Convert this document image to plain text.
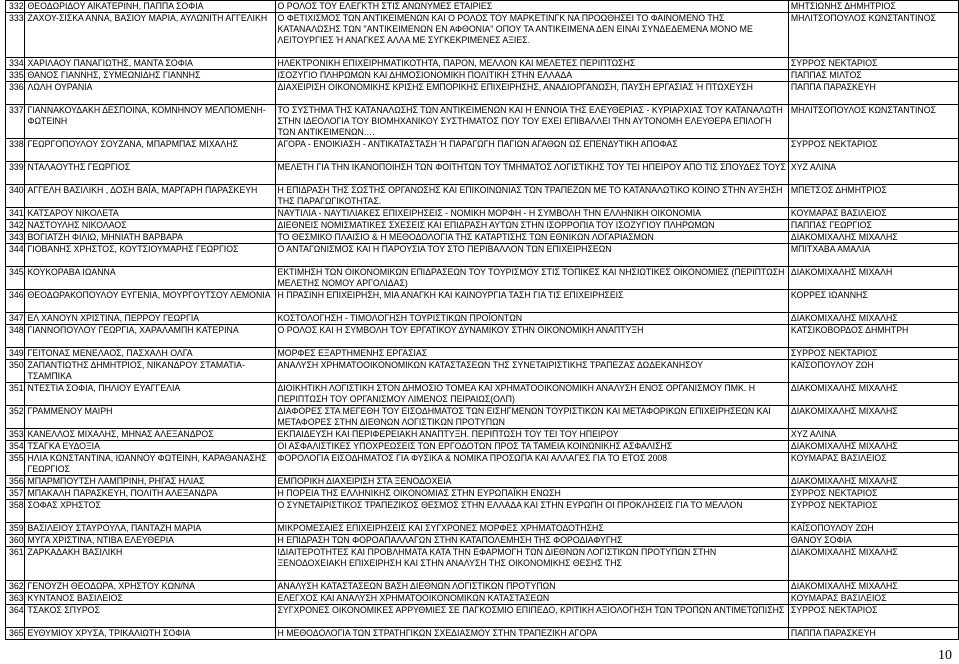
332	ΘΕΟΔΩΡΙΔΟΥ ΑΙΚΑΤΕΡΙΝΗ, ΠΑΠΠΑ ΣΟΦΙΑ	Ο ΡΟΛΟΣ ΤΟΥ ΕΛΕΓΚΤΗ ΣΤΙΣ ΑΝΩΝΥΜΕΣ ΕΤΑΙΡΙΕΣ	ΜΗΤΣΙΩΝΗΣ ΔΗΜΗΤΡΙΟΣ
333	ΖΑΧΟΥ-ΣΙΣΚΑ ΑΝΝΑ, ΒΑΣΙΟΥ ΜΑΡΙΑ, ΑΥΛΩΝΙΤΗ ΑΓΓΕΛΙΚΗ	Ο ΦΕΤΙΧΙΣΜΟΣ ΤΩΝ ΑΝΤΙΚΕΙΜΕΝΩΝ ΚΑΙ Ο ΡΟΛΟΣ ΤΟΥ ΜΑΡΚΕΤΙΝΓΚ ΝΑ ΠΡΟΩΘΗΣΕΙ ΤΟ ΦΑΙΝΟΜΕΝΟ ΤΗΣ ΚΑΤΑΝΑΛΩΣΗΣ ΤΩΝ "ΑΝΤΙΚΕΙΜΕΝΩΝ ΕΝ ΑΦΘΟΝΙΑ" ΟΠΟΥ ΤΑ ΑΝΤΙΚΕΙΜΕΝΑ ΔΕΝ ΕΙΝΑΙ ΣΥΝΔΕΔΕΜΕΝΑ ΜΟΝΟ ΜΕ ΛΕΙΤΟΥΡΓΙΕΣ Ή ΑΝΑΓΚΕΣ ΑΛΛΑ ΜΕ ΣΥΓΚΕΚΡΙΜΕΝΕΣ ΑΞΙΕΣ.	ΜΗΛΙΤΣΟΠΟΥΛΟΣ ΚΩΝΣΤΑΝΤΙΝΟΣ
334	ΧΑΡΙΛΑΟΥ ΠΑΝΑΓΙΩΤΗΣ, ΜΑΝΤΑ ΣΟΦΙΑ	ΗΛΕΚΤΡΟΝΙΚΗ ΕΠΙΧΕΙΡΗΜΑΤΙΚΟΤΗΤΑ, ΠΑΡΟΝ, ΜΕΛΛΟΝ ΚΑΙ ΜΕΛΕΤΕΣ ΠΕΡΙΠΤΩΣΗΣ	ΣΥΡΡΟΣ ΝΕΚΤΑΡΙΟΣ
335	ΘΑΝΟΣ ΓΙΑΝΝΗΣ, ΣΥΜΕΩΝΙΔΗΣ ΓΙΑΝΝΗΣ	ΙΣΟΖΥΓΙΟ ΠΛΗΡΩΜΩΝ ΚΑΙ ΔΗΜΟΣΙΟΝΟΜΙΚΗ ΠΟΛΙΤΙΚΗ ΣΤΗΝ ΕΛΛΑΔΑ	ΠΑΠΠΑΣ ΜΙΛΤΟΣ
336	ΛΩΛΗ ΟΥΡΑΝΙΑ	ΔΙΑΧΕΙΡΙΣΗ ΟΙΚΟΝΟΜΙΚΗΣ ΚΡΙΣΗΣ ΕΜΠΟΡΙΚΗΣ ΕΠΙΧΕΙΡΗΣΗΣ, ΑΝΑΔΙΟΡΓΑΝΩΣΗ, ΠΑΥΣΗ ΕΡΓΑΣΙΑΣ Ή ΠΤΩΧΕΥΣΗ	ΠΑΠΠΑ ΠΑΡΑΣΚΕΥΗ
337	ΓΙΑΝΝΑΚΟΥΔΑΚΗ ΔΕΣΠΟΙΝΑ, ΚΟΜΝΗΝΟΥ ΜΕΛΠΟΜΕΝΗ- ΦΩΤΕΙΝΗ	ΤΟ ΣΥΣΤΗΜΑ ΤΗΣ ΚΑΤΑΝΑΛΩΣΗΣ ΤΩΝ ΑΝΤΙΚΕΙΜΕΝΩΝ ΚΑΙ Η ΕΝΝΟΙΑ ΤΗΣ ΕΛΕΥΘΕΡΙΑΣ - ΚΥΡΙΑΡΧΙΑΣ ΤΟΥ ΚΑΤΑΝΑΛΩΤΗ ΣΤΗΝ ΙΔΕΟΛΟΓΙΑ ΤΟΥ ΒΙΟΜΗΧΑΝΙΚΟΥ ΣΥΣΤΗΜΑΤΟΣ ΠΟΥ ΤΟΥ ΕΧΕΙ ΕΠΙΒΑΛΛΕΙ ΤΗΝ ΑΥΤΟΝΟΜΗ ΕΛΕΥΘΕΡΑ ΕΠΙΛΟΓΗ ΤΩΝ ΑΝΤΙΚΕΙΜΕΝΩΝ.…	ΜΗΛΙΤΣΟΠΟΥΛΟΣ ΚΩΝΣΤΑΝΤΙΝΟΣ
338	ΓΕΩΡΓΟΠΟΥΛΟΥ ΣΟΥΖΑΝΑ, ΜΠΑΡΜΠΑΣ ΜΙΧΑΛΗΣ	ΑΓΟΡΑ - ΕΝΟΙΚΙΑΣΗ - ΑΝΤΙΚΑΤΑΣΤΑΣΗ Ή ΠΑΡΑΓΩΓΗ ΠΑΓΙΩΝ ΑΓΑΘΩΝ ΩΣ ΕΠΕΝΔΥΤΙΚΗ ΑΠΟΦΑΣ	ΣΥΡΡΟΣ ΝΕΚΤΑΡΙΟΣ
339	ΝΤΑΛΑΟΥΤΗΣ ΓΕΩΡΓΙΟΣ	ΜΕΛΕΤΗ ΓΙΑ ΤΗΝ ΙΚΑΝΟΠΟΙΗΣΗ ΤΩΝ ΦΟΙΤΗΤΩΝ ΤΟΥ ΤΜΗΜΑΤΟΣ ΛΟΓΙΣΤΙΚΗΣ ΤΟΥ ΤΕΙ ΗΠΕΙΡΟΥ ΑΠΟ ΤΙΣ ΣΠΟΥΔΕΣ ΤΟΥΣ	ΧΥΖ ΑΛΙΝΑ
340	ΑΓΓΕΛΗ ΒΑΣΙΛΙΚΗ , ΔΟΣΗ ΒΑΪΑ, ΜΑΡΓΑΡΗ ΠΑΡΑΣΚΕΥΗ	Η ΕΠΙΔΡΑΣΗ ΤΗΣ ΣΩΣΤΗΣ ΟΡΓΑΝΩΣΗΣ ΚΑΙ ΕΠΙΚΟΙΝΩΝΙΑΣ ΤΩΝ ΤΡΑΠΕΖΩΝ ΜΕ ΤΟ ΚΑΤΑΝΑΛΩΤΙΚΟ ΚΟΙΝΟ ΣΤΗΝ ΑΥΞΗΣΗ ΤΗΣ ΠΑΡΑΓΩΓΙΚΟΤΗΤΑΣ.	ΜΠΕΤΣΟΣ ΔΗΜΗΤΡΙΟΣ
341	ΚΑΤΣΑΡΟΥ ΝΙΚΟΛΕΤΑ	ΝΑΥΤΙΛΙΑ - ΝΑΥΤΙΛΙΑΚΕΣ ΕΠΙΧΕΙΡΗΣΕΙΣ - ΝΟΜΙΚΗ ΜΟΡΦΗ - Η ΣΥΜΒΟΛΗ ΤΗΝ ΕΛΛΗΝΙΚΗ ΟΙΚΟΝΟΜΙΑ	ΚΟΥΜΑΡΑΣ ΒΑΣΙΛΕΙΟΣ
342	ΝΑΣΤΟΥΛΗΣ ΝΙΚΟΛΑΟΣ	ΔΙΕΘΝΕΙΣ ΝΟΜΙΣΜΑΤΙΚΕΣ ΣΧΕΣΕΙΣ ΚΑΙ ΕΠΙΔΡΑΣΗ ΑΥΤΩΝ ΣΤΗΝ ΙΣΟΡΡΟΠΙΑ ΤΟΥ ΙΣΟΖΥΓΙΟΥ ΠΛΗΡΩΜΩΝ	ΠΑΠΠΑΣ ΓΕΩΡΓΙΟΣ
343	ΒΟΓΙΑΤΖΗ ΦΙΛΙΩ, ΜΗΝΙΑΤΗ ΒΑΡΒΑΡΑ	ΤΟ ΘΕΣΜΙΚΟ ΠΛΑΙΣΙΟ & Η ΜΕΘΟΔΟΛΟΓΙΑ ΤΗΣ ΚΑΤΑΡΤΙΣΗΣ ΤΩΝ ΕΘΝΙΚΩΝ ΛΟΓΑΡΙΑΣΜΩΝ	ΔΙΑΚΟΜΙΧΑΛΗΣ ΜΙΧΑΛΗΣ
344	ΓΙΟΒΑΝΗΣ ΧΡΗΣΤΟΣ, ΚΟΥΤΣΙΟΥΜΑΡΗΣ ΓΕΩΡΓΙΟΣ	Ο ΑΝΤΑΓΩΝΙΣΜΟΣ ΚΑΙ Η ΠΑΡΟΥΣΙΑ ΤΟΥ ΣΤΟ ΠΕΡΙΒΑΛΛΟΝ ΤΩΝ ΕΠΙΧΕΙΡΗΣΕΩΝ	ΜΠΙΤΧΑΒΑ ΑΜΑΛΙΑ
345	ΚΟΥΚΟΡΑΒΑ ΙΩΑΝΝΑ	ΕΚΤΙΜΗΣΗ ΤΩΝ ΟΙΚΟΝΟΜΙΚΩΝ ΕΠΙΔΡΑΣΕΩΝ ΤΟΥ ΤΟΥΡΙΣΜΟΥ ΣΤΙΣ ΤΟΠΙΚΕΣ ΚΑΙ ΝΗΣΙΩΤΙΚΕΣ ΟΙΚΟΝΟΜΙΕΣ (ΠΕΡΙΠΤΩΣΗ ΜΕΛΕΤΗΣ ΝΟΜΟΥ ΑΡΓΟΛΙΔΑΣ)	ΔΙΑΚΟΜΙΧΑΛΗΣ ΜΙΧΑΛΗ
346	ΘΕΟΔΩΡΑΚΟΠΟΥΛΟΥ ΕΥΓΕΝΙΑ, ΜΟΥΡΓΟΥΤΣΟΥ ΛΕΜΟΝΙΑ	Η ΠΡΑΣΙΝΗ ΕΠΙΧΕΙΡΗΣΗ, ΜΙΑ ΑΝΑΓΚΗ ΚΑΙ ΚΑΙΝΟΥΡΓΙΑ ΤΑΣΗ ΓΙΑ ΤΙΣ ΕΠΙΧΕΙΡΗΣΕΙΣ	ΚΟΡΡΕΣ ΙΩΑΝΝΗΣ
347	ΕΛ ΧΑΝΟΥΝ ΧΡΙΣΤΙΝΑ, ΠΕΡΡΟΥ ΓΕΩΡΓΙΑ	ΚΟΣΤΟΛΟΓΗΣΗ - ΤΙΜΟΛΟΓΗΣΗ ΤΟΥΡΙΣΤΙΚΩΝ ΠΡΟΪΟΝΤΩΝ	ΔΙΑΚΟΜΙΧΑΛΗΣ ΜΙΧΑΛΗΣ
348	ΓΙΑΝΝΟΠΟΥΛΟΥ ΓΕΩΡΓΙΑ, ΧΑΡΑΛΑΜΠΗ ΚΑΤΕΡΙΝΑ	Ο ΡΟΛΟΣ ΚΑΙ Η ΣΥΜΒΟΛΗ ΤΟΥ ΕΡΓΑΤΙΚΟΥ ΔΥΝΑΜΙΚΟΥ ΣΤΗΝ ΟΙΚΟΝΟΜΙΚΗ ΑΝΑΠΤΥΞΗ	ΚΑΤΣΙΚΟΒΟΡΔΟΣ ΔΗΜΗΤΡΗ
349	ΓΕΙΤΟΝΑΣ ΜΕΝΕΛΑΟΣ, ΠΑΣΧΑΛΗ ΟΛΓΑ	ΜΟΡΦΕΣ ΕΞΑΡΤΗΜΕΝΗΣ ΕΡΓΑΣΙΑΣ	ΣΥΡΡΟΣ ΝΕΚΤΑΡΙΟΣ
350	ΖΑΠΑΝΤΙΩΤΗΣ ΔΗΜΗΤΡΙΟΣ, ΝΙΚΑΝΔΡΟΥ ΣΤΑΜΑΤΙΑ-ΤΣΑΜΠΙΚΑ	ΑΝΑΛΥΣΗ ΧΡΗΜΑΤΟΟΙΚΟΝΟΜΙΚΩΝ ΚΑΤΑΣΤΑΣΕΩΝ ΤΗΣ ΣΥΝΕΤΑΙΡΙΣΤΙΚΗΣ ΤΡΑΠΕΖΑΣ ΔΩΔΕΚΑΝΗΣΟΥ	ΚΑΪΣΟΠΟΥΛΟΥ ΖΩΗ
351	ΝΤΕΣΤΙΑ ΣΟΦΙΑ, ΠΗΛΙΟΥ ΕΥΑΓΓΕΛΙΑ	ΔΙΟΙΚΗΤΙΚΗ ΛΟΓΙΣΤΙΚΗ ΣΤΟΝ ΔΗΜΟΣΙΟ ΤΟΜΕΑ ΚΑΙ ΧΡΗΜΑΤΟΟΙΚΟΝΟΜΙΚΗ ΑΝΑΛΥΣΗ ΕΝΟΣ ΟΡΓΑΝΙΣΜΟΥ ΠΜΚ. Η ΠΕΡΙΠΤΩΣΗ ΤΟΥ ΟΡΓΑΝΙΣΜΟΥ ΛΙΜΕΝΟΣ ΠΕΙΡΑΙΩΣ(ΟΛΠ)	ΔΙΑΚΟΜΙΧΑΛΗΣ ΜΙΧΑΛΗΣ
352	ΓΡΑΜΜΕΝΟΥ ΜΑΙΡΗ	ΔΙΑΦΟΡΕΣ ΣΤΑ ΜΕΓΕΘΗ ΤΟΥ ΕΙΣΟΔΗΜΑΤΟΣ ΤΩΝ ΕΙΣΗΓΜΕΝΩΝ ΤΟΥΡΙΣΤΙΚΩΝ ΚΑΙ ΜΕΤΑΦΟΡΙΚΩΝ ΕΠΙΧΕΙΡΗΣΕΩΝ ΚΑΙ ΜΕΤΑΦΟΡΕΣ ΣΤΗΝ ΔΙΕΘΝΩΝ ΛΟΓΙΣΤΙΚΩΝ ΠΡΟΤΥΠΩΝ	ΔΙΑΚΟΜΙΧΑΛΗΣ ΜΙΧΑΛΗΣ
353	ΚΑΝΕΛΛΟΣ ΜΙΧΑΛΗΣ, ΜΗΝΑΣ ΑΛΕΞΑΝΔΡΟΣ	ΕΚΠΑΙΔΕΥΣΗ ΚΑΙ ΠΕΡΙΦΕΡΕΙΑΚΗ ΑΝΑΠΤΥΞΗ. ΠΕΡΙΠΤΩΣΗ ΤΟΥ ΤΕΙ ΤΟΥ ΗΠΕΙΡΟΥ	ΧΥΖ ΑΛΙΝΑ
354	ΤΣΑΓΚΑ ΕΥΔΟΞΙΑ	ΟΙ ΑΣΦΑΛΙΣΤΙΚΕΣ ΥΠΟΧΡΕΩΣΕΙΣ ΤΩΝ ΕΡΓΟΔΟΤΩΝ ΠΡΟΣ ΤΑ ΤΑΜΕΙΑ ΚΟΙΝΩΝΙΚΗΣ ΑΣΦΑΛΙΣΗΣ	ΔΙΑΚΟΜΙΧΑΛΗΣ ΜΙΧΑΛΗΣ
355	ΗΛΙΑ ΚΩΝΣΤΑΝΤΙΝΑ, ΙΩΑΝΝΟΥ ΦΩΤΕΙΝΗ, ΚΑΡΑΘΑΝΑΣΗΣ ΓΕΩΡΓΙΟΣ	ΦΟΡΟΛΟΓΙΑ ΕΙΣΟΔΗΜΑΤΟΣ ΓΙΑ ΦΥΣΙΚΑ & ΝΟΜΙΚΑ ΠΡΟΣΩΠΑ ΚΑΙ ΑΛΛΑΓΕΣ ΓΙΑ ΤΟ ΕΤΟΣ 2008	ΚΟΥΜΑΡΑΣ ΒΑΣΙΛΕΙΟΣ
356	ΜΠΑΡΜΠΟΥΤΣΗ ΛΑΜΠΡΙΝΗ, ΡΗΓΑΣ ΗΛΙΑΣ	ΕΜΠΟΡΙΚΗ ΔΙΑΧΕΙΡΙΣΗ ΣΤΑ ΞΕΝΟΔΟΧΕΙΑ	ΔΙΑΚΟΜΙΧΑΛΗΣ ΜΙΧΑΛΗΣ
357	ΜΠΑΚΑΛΗ ΠΑΡΑΣΚΕΥΗ, ΠΟΛΙΤΗ ΑΛΕΞΑΝΔΡΑ	Η ΠΟΡΕΙΑ ΤΗΣ ΕΛΛΗΝΙΚΗΣ ΟΙΚΟΝΟΜΙΑΣ ΣΤΗΝ ΕΥΡΩΠΑΪΚΗ ΕΝΩΣΗ	ΣΥΡΡΟΣ ΝΕΚΤΑΡΙΟΣ
358	ΣΟΦΑΣ ΧΡΗΣΤΟΣ	Ο ΣΥΝΕΤΑΙΡΙΣΤΙΚΟΣ ΤΡΑΠΕΖΙΚΟΣ ΘΕΣΜΟΣ ΣΤΗΝ ΕΛΛΑΔΑ ΚΑΙ ΣΤΗΝ ΕΥΡΩΠΗ ΟΙ ΠΡΟΚΛΗΣΕΙΣ ΓΙΑ ΤΟ ΜΕΛΛΟΝ	ΣΥΡΡΟΣ ΝΕΚΤΑΡΙΟΣ
359	ΒΑΣΙΛΕΙΟΥ ΣΤΑΥΡΟΥΛΑ, ΠΑΝΤΑΖΗ ΜΑΡΙΑ	ΜΙΚΡΟΜΕΣΑΙΕΣ ΕΠΙΧΕΙΡΗΣΕΙΣ ΚΑΙ ΣΥΓΧΡΟΝΕΣ ΜΟΡΦΕΣ ΧΡΗΜΑΤΟΔΟΤΗΣΗΣ	ΚΑΪΣΟΠΟΥΛΟΥ ΖΩΗ
360	ΜΥΓΑ ΧΡΙΣΤΙΝΑ, ΝΤΙΒΑ ΕΛΕΥΘΕΡΙΑ	Η ΕΠΙΔΡΑΣΗ ΤΩΝ ΦΟΡΟΑΠΑΛΛΑΓΩΝ ΣΤΗΝ ΚΑΤΑΠΟΛΕΜΗΣΗ ΤΗΣ ΦΟΡΟΔΙΑΦΥΓΗΣ	ΘΑΝΟΥ ΣΟΦΙΑ
361	ΖΑΡΚΑΔΑΚΗ ΒΑΣΙΛΙΚΗ	ΙΔΙΑΙΤΕΡΟΤΗΤΕΣ ΚΑΙ ΠΡΟΒΛΗΜΑΤΑ ΚΑΤΑ ΤΗΝ ΕΦΑΡΜΟΓΗ ΤΩΝ ΔΙΕΘΝΩΝ ΛΟΓΙΣΤΙΚΩΝ ΠΡΟΤΥΠΩΝ ΣΤΗΝ ΞΕΝΟΔΟΧΕΙΑΚΗ ΕΠΙΧΕΙΡΗΣΗ ΚΑΙ ΣΤΗΝ ΑΝΑΛΥΣΗ ΤΗΣ ΟΙΚΟΝΟΜΙΚΗΣ ΘΕΣΗΣ ΤΗΣ	ΔΙΑΚΟΜΙΧΑΛΗΣ ΜΙΧΑΛΗΣ
362	ΓΕΝΟΥΖΗ ΘΕΟΔΩΡΑ, ΧΡΗΣΤΟΥ ΚΩΝ/ΝΑ	ΑΝΑΛΥΣΗ ΚΑΤΑΣΤΑΣΕΩΝ ΒΑΣΗ ΔΙΕΘΝΩΝ ΛΟΓΙΣΤΙΚΩΝ ΠΡΟΤΥΠΩΝ	ΔΙΑΚΟΜΙΧΑΛΗΣ ΜΙΧΑΛΗΣ
363	ΚΥΝΤΑΝΟΣ ΒΑΣΙΛΕΙΟΣ	ΕΛΕΓΧΟΣ ΚΑΙ ΑΝΑΛΥΣΗ ΧΡΗΜΑΤΟΟΙΚΟΝΟΜΙΚΩΝ ΚΑΤΑΣΤΑΣΕΩΝ	ΚΟΥΜΑΡΑΣ ΒΑΣΙΛΕΙΟΣ
364	ΤΣΑΚΟΣ ΣΠΥΡΟΣ	ΣΥΓΧΡΟΝΕΣ ΟΙΚΟΝΟΜΙΚΕΣ ΑΡΡΥΘΜΙΕΣ ΣΕ ΠΑΓΚΟΣΜΙΟ ΕΠΙΠΕΔΟ, ΚΡΙΤΙΚΗ ΑΞΙΟΛΟΓΗΣΗ ΤΩΝ ΤΡΟΠΩΝ ΑΝΤΙΜΕΤΩΠΙΣΗΣ	ΣΥΡΡΟΣ ΝΕΚΤΑΡΙΟΣ
365	ΕΥΘΥΜΙΟΥ ΧΡΥΣΑ, ΤΡΙΚΑΛΙΩΤΗ ΣΟΦΙΑ	Η ΜΕΘΟΔΟΛΟΓΙΑ ΤΩΝ ΣΤΡΑΤΗΓΙΚΩΝ ΣΧΕΔΙΑΣΜΟΥ ΣΤΗΝ ΤΡΑΠΕΖΙΚΗ ΑΓΟΡΑ	ΠΑΠΠΑ ΠΑΡΑΣΚΕΥΗ
10
